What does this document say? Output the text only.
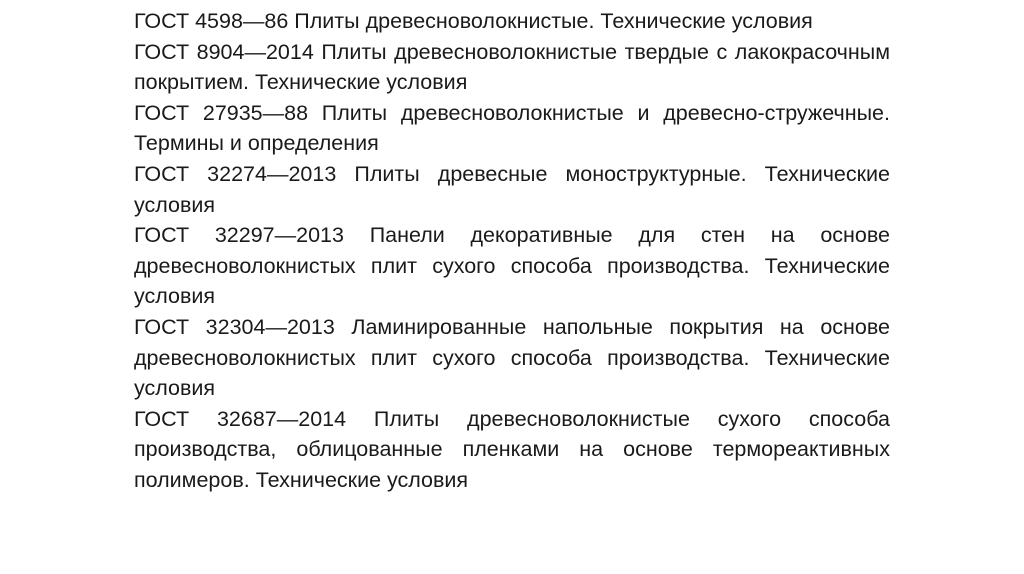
ГОСТ 4598—86 Плиты древесноволокнистые. Технические условия

ГОСТ 8904—2014 Плиты древесноволокнистые твердые с лакокрасочным покрытием. Технические условия

ГОСТ 27935—88 Плиты древесноволокнистые и древесно-стружечные. Термины и определения

ГОСТ 32274—2013 Плиты древесные моноструктурные. Технические условия

ГОСТ 32297—2013 Панели декоративные для стен на основе древесноволокнистых плит сухого способа производства. Технические условия

ГОСТ 32304—2013 Ламинированные напольные покрытия на основе древесноволокнистых плит сухого способа производства. Технические условия

ГОСТ 32687—2014 Плиты древесноволокнистые сухого способа производства, облицованные пленками на основе термореактивных полимеров. Технические условия
